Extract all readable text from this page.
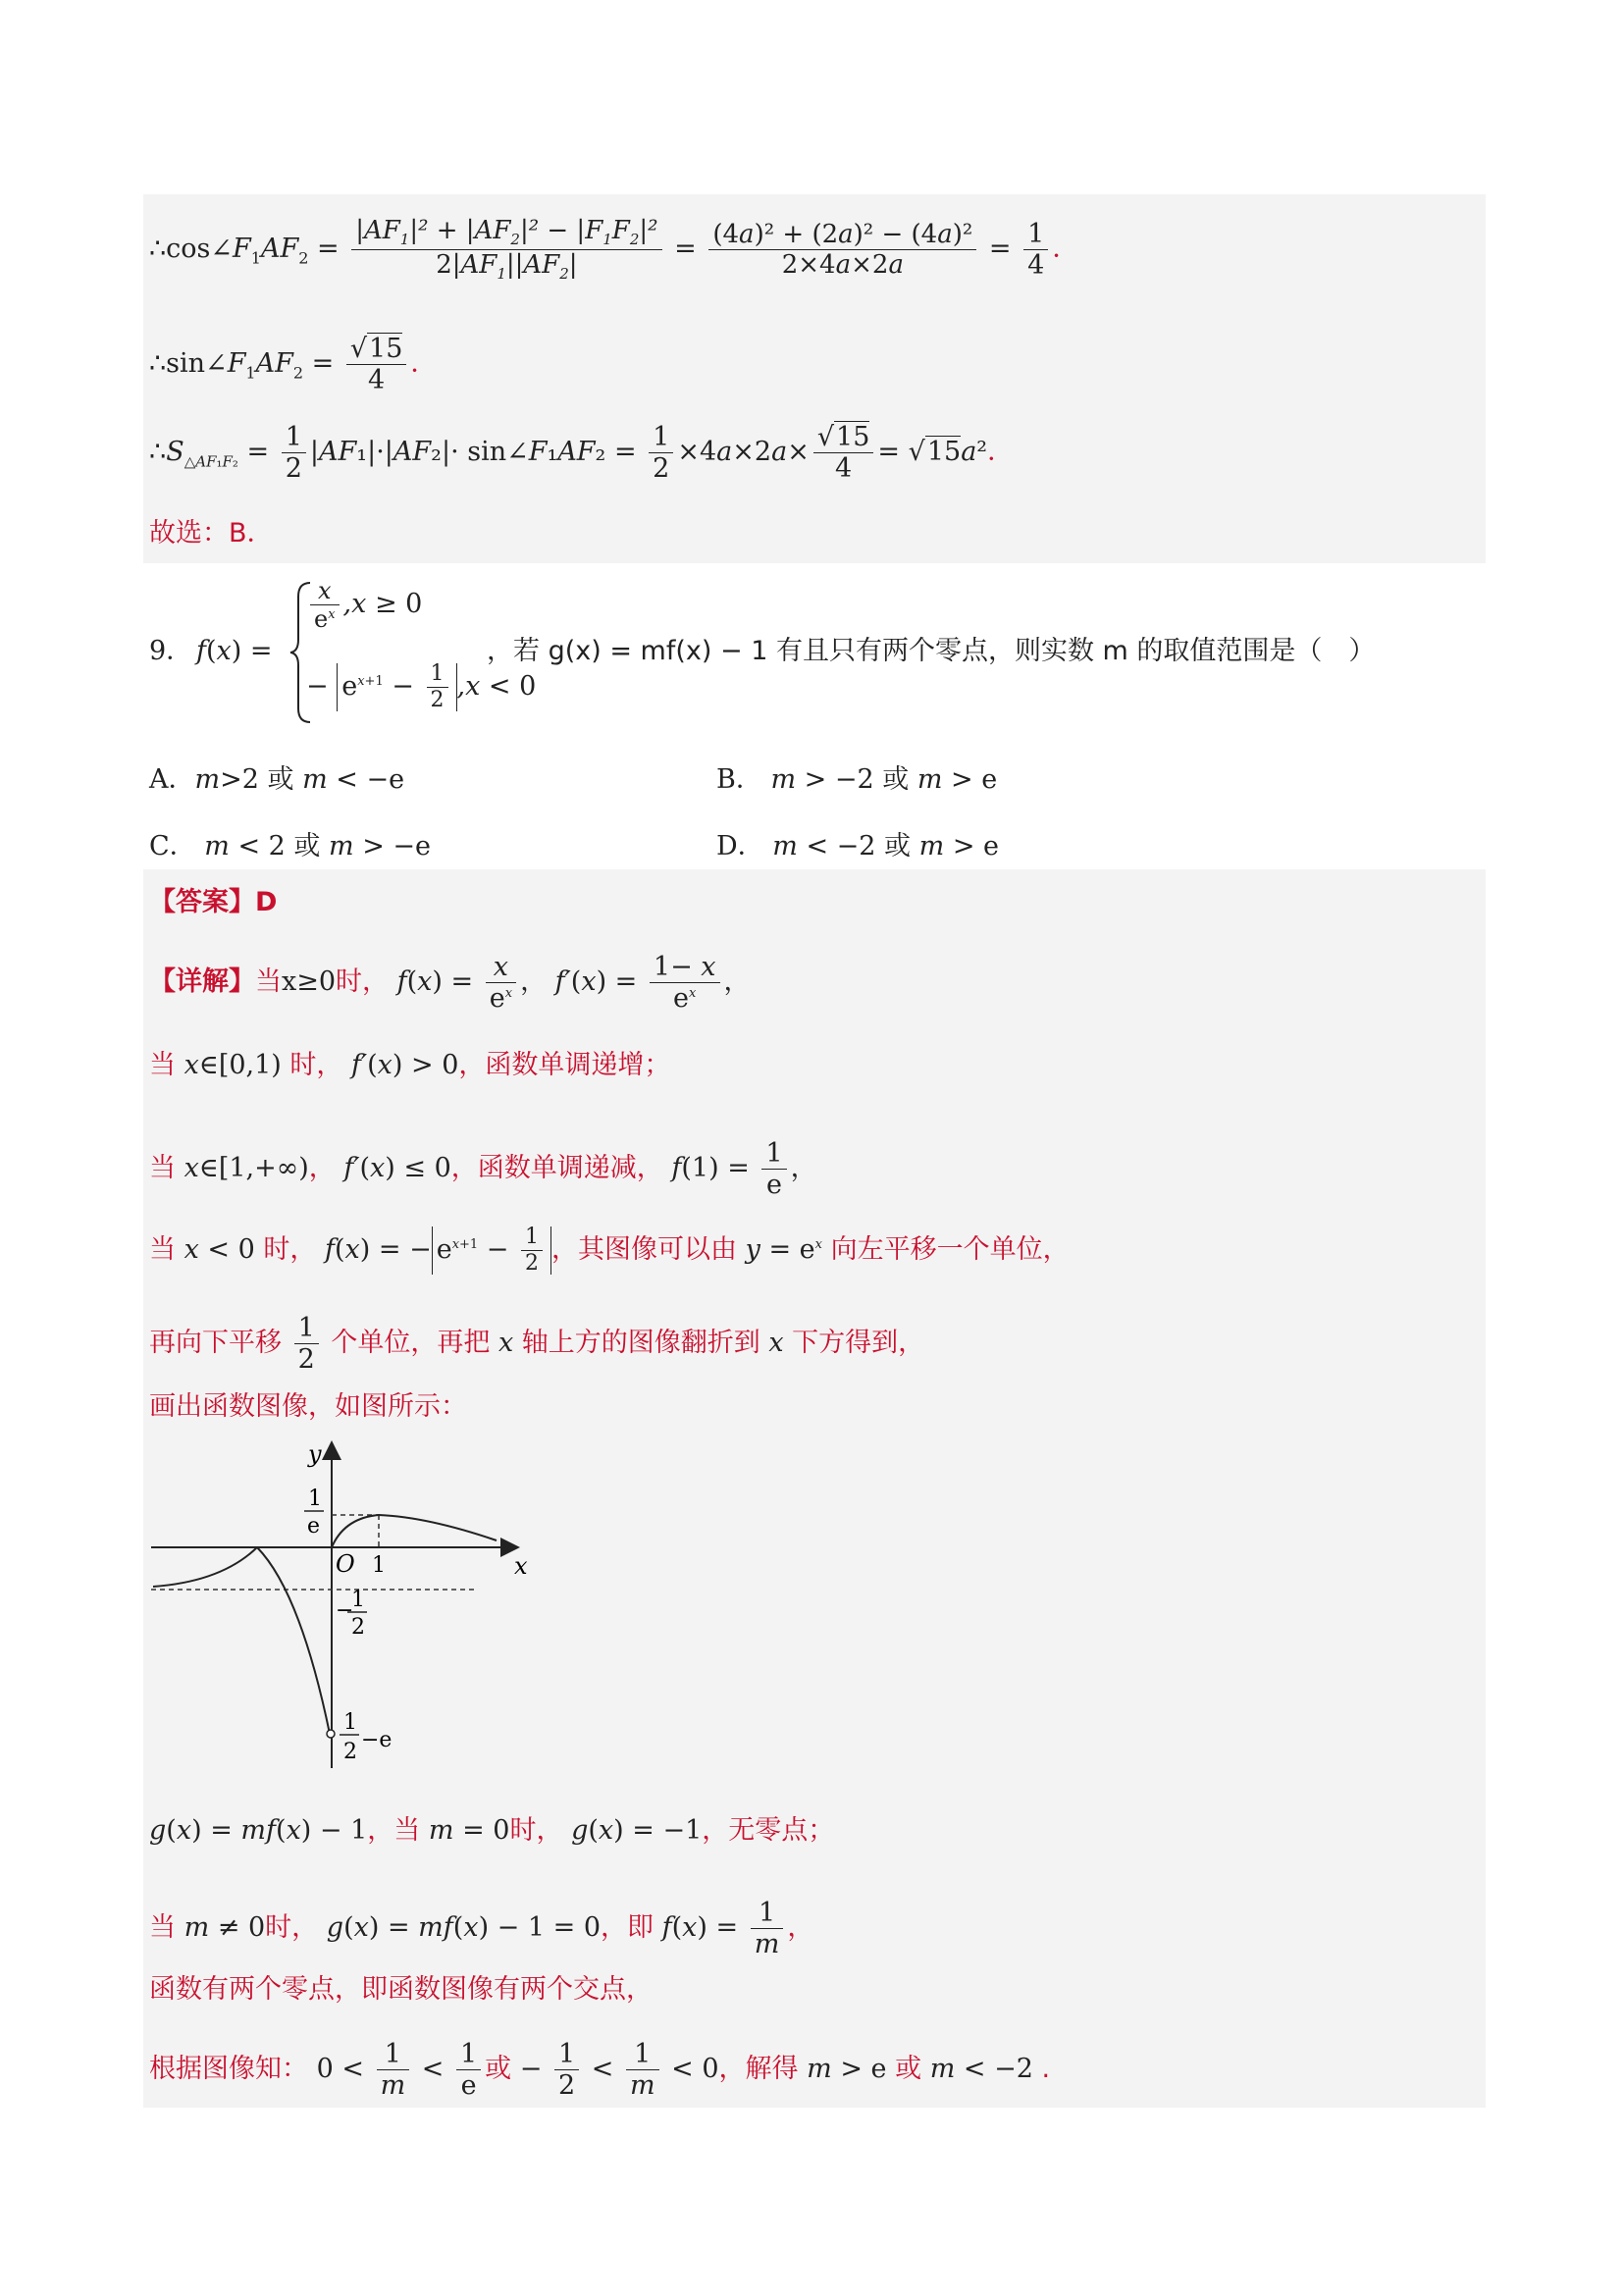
$\therefore\cos\angle F_1AF_2 = \frac{|AF_1|^2 + |AF_2|^2 - |F_1F_2|^2}{2|AF_1||AF_2|} = \frac{\text{(4a)² + (2a)² − (4a)²}}{2\times 4a\times 2a} = \frac{1}{4}$ ．
$\therefore\sin\angle F_1AF_2 = \frac{√15}{4}$ ．
$\therefore S_{\triangle AF_1F_2} = \frac{1}{2} |AF_1|\cdot|AF_2|\cdot$ sin∠F₁AF₂ = $\frac{1}{2} \times 4a\times 2a\times \frac{√15}{4} = √15a^2$．
故选：B．
9． f(x) =
$\frac{x}{e^x} ,x \ge 0$
− $e^{x+1} - \frac{1}{2} ,x < 0$
，若 g(x) = mf(x) − 1 有且只有两个零点，则实数 m 的取值范围是（　）
A．m>2 或 m < −e	B． m > −2 或 m > e
C． m < 2 或 m > −e	D． m < −2 或 m > e
【答案】D
【详解】当x≥0时， $f(x) = \frac{x}{e^x}$ ， $f'(x) = \frac{1- x}{e^x}$ ，
当 x∈[0,1) 时， f′(x) > 0，函数单调递增；
当 x∈[1,+∞)， f′(x) ≤ 0，函数单调递减， $f(1) = \frac{1}{e}$ ，
当 x < 0 时， f(x) = − $e^{x+1} - \frac{1}{2}$ ，其图像可以由 $y = e^x$ 向左平移一个单位，
再向下平移 $\frac{1}{2}$ 个单位，再把 x 轴上方的图像翻折到 x 下方得到，
画出函数图像，如图所示：
y
x
O 1
1
e
−
1
2
1
2 −e
g(x) = mf(x) − 1，当 m = 0时， g(x) = −1，无零点；
当 m ≠ 0时， g(x) = mf(x) − 1 = 0，即 $f(x) = \frac{1}{m}$ ，
函数有两个零点，即函数图像有两个交点，
根据图像知： $0 < \frac{1}{m} < \frac{1}{e}$ 或 − $\frac{1}{2} < \frac{1}{m} < 0$，解得 m > e 或 m < −2 .
